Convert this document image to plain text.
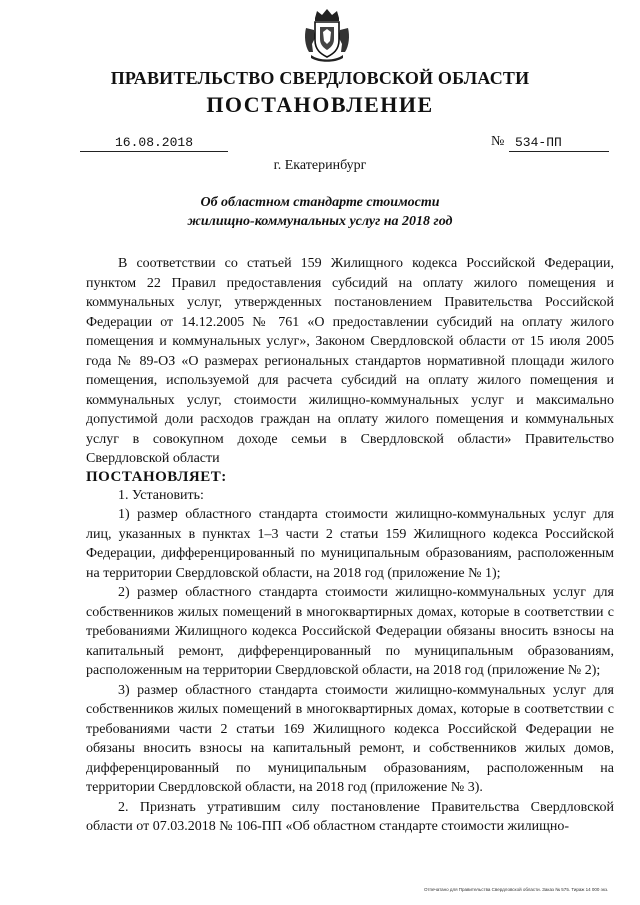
ПРАВИТЕЛЬСТВО СВЕРДЛОВСКОЙ ОБЛАСТИ
ПОСТАНОВЛЕНИЕ
16.08.2018	№ 534-ПП
г. Екатеринбург
Об областном стандарте стоимости
жилищно-коммунальных услуг на 2018 год

В соответствии со статьей 159 Жилищного кодекса Российской Федерации, пунктом 22 Правил предоставления субсидий на оплату жилого помещения и коммунальных услуг, утвержденных постановлением Правительства Российской Федерации от 14.12.2005 № 761 «О предоставлении субсидий на оплату жилого помещения и коммунальных услуг», Законом Свердловской области от 15 июля 2005 года № 89-ОЗ «О размерах региональных стандартов нормативной площади жилого помещения, используемой для расчета субсидий на оплату жилого помещения и коммунальных услуг, стоимости жилищно-коммунальных услуг и максимально допустимой доли расходов граждан на оплату жилого помещения и коммунальных услуг в совокупном доходе семьи в Свердловской области» Правительство Свердловской области

ПОСТАНОВЛЯЕТ:

1. Установить:

1) размер областного стандарта стоимости жилищно-коммунальных услуг для лиц, указанных в пунктах 1–3 части 2 статьи 159 Жилищного кодекса Российской Федерации, дифференцированный по муниципальным образованиям, расположенным на территории Свердловской области, на 2018 год (приложение № 1);

2) размер областного стандарта стоимости жилищно-коммунальных услуг для собственников жилых помещений в многоквартирных домах, которые в соответствии с требованиями Жилищного кодекса Российской Федерации обязаны вносить взносы на капитальный ремонт, дифференцированный по муниципальным образованиям, расположенным на территории Свердловской области, на 2018 год (приложение № 2);

3) размер областного стандарта стоимости жилищно-коммунальных услуг для собственников жилых помещений в многоквартирных домах, которые в соответствии с требованиями части 2 статьи 169 Жилищного кодекса Российской Федерации не обязаны вносить взносы на капитальный ремонт, и собственников жилых домов, дифференцированный по муниципальным образованиям, расположенным на территории Свердловской области, на 2018 год (приложение № 3).

2. Признать утратившим силу постановление Правительства Свердловской области от 07.03.2018 № 106-ПП «Об областном стандарте стоимости жилищно-

Отпечатано для Правительства Свердловской области. Заказ № 575. Тираж 14 000 экз.
